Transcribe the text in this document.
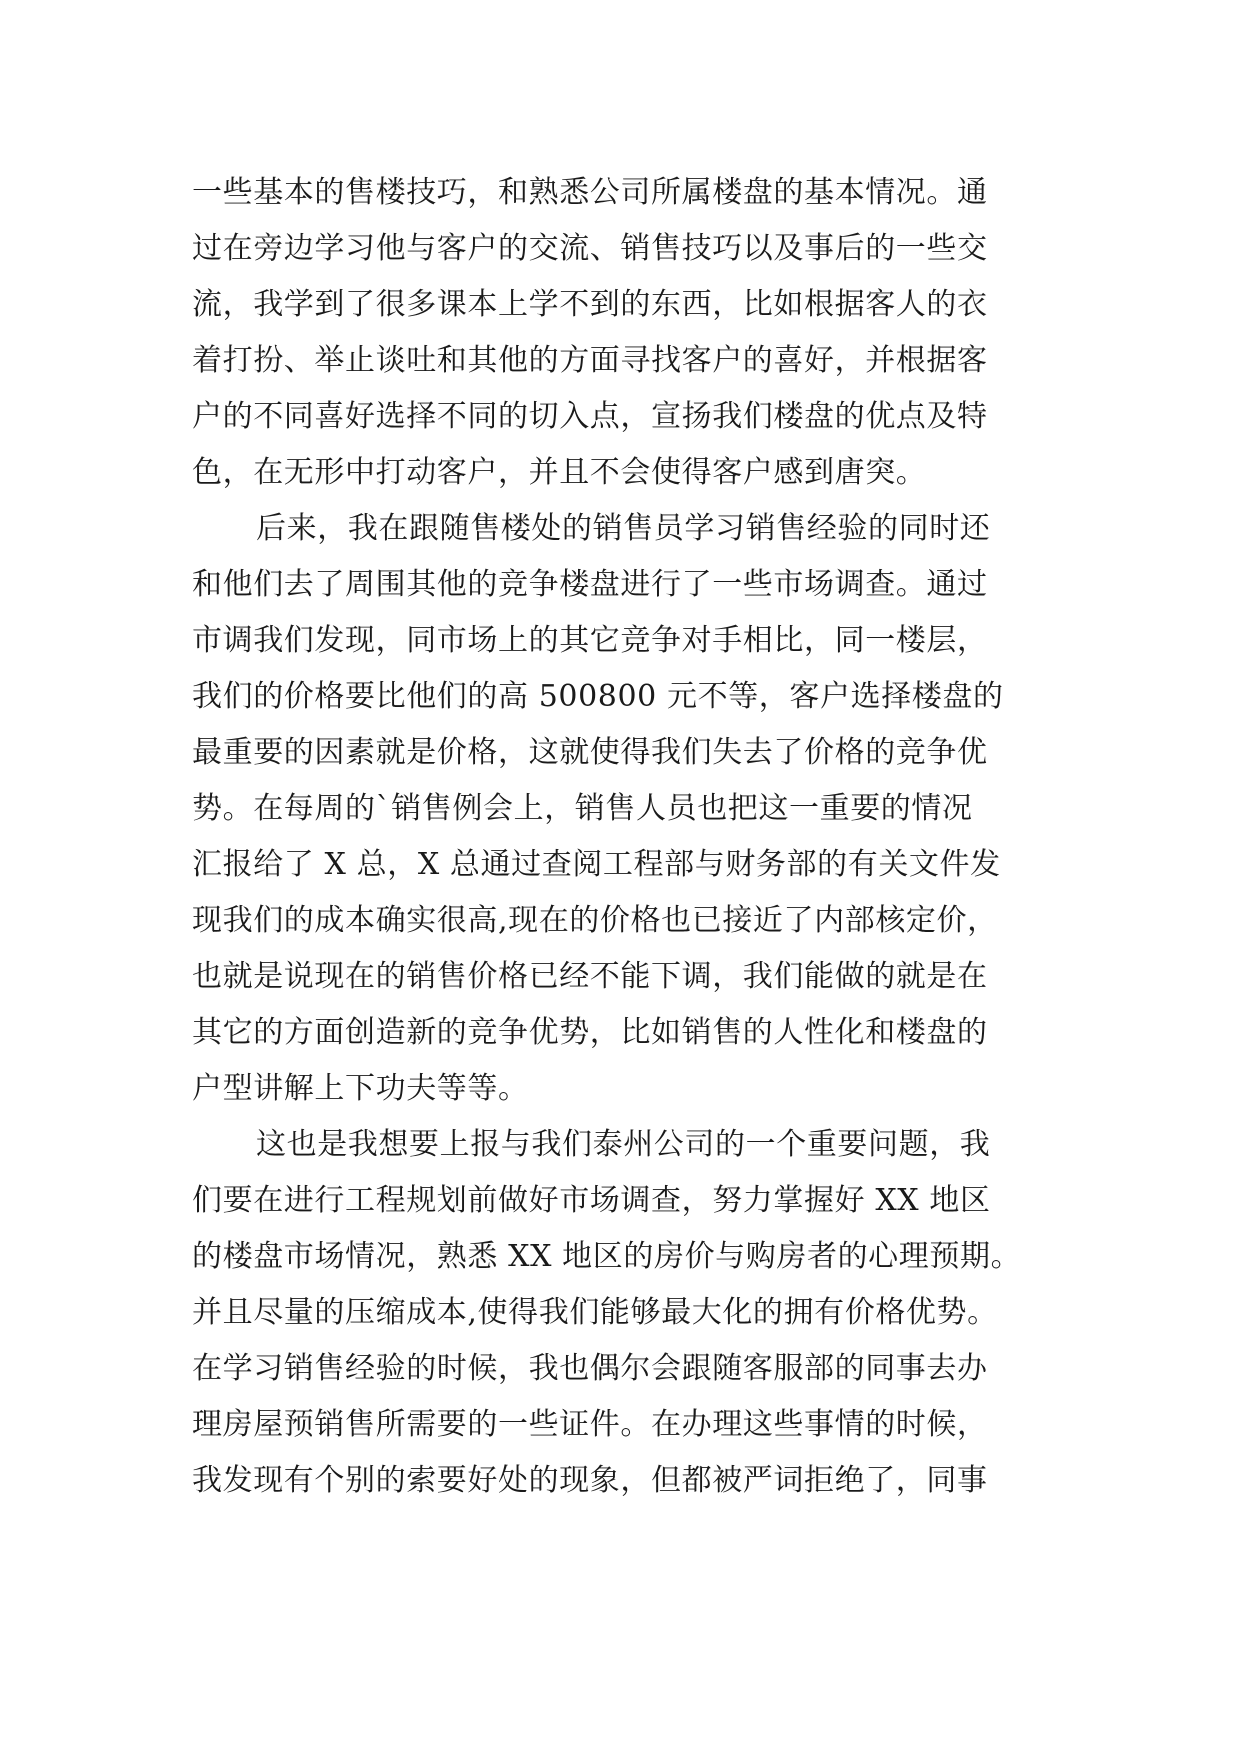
一些基本的售楼技巧，和熟悉公司所属楼盘的基本情况。通
过在旁边学习他与客户的交流、销售技巧以及事后的一些交
流，我学到了很多课本上学不到的东西，比如根据客人的衣
着打扮、举止谈吐和其他的方面寻找客户的喜好，并根据客
户的不同喜好选择不同的切入点，宣扬我们楼盘的优点及特
色，在无形中打动客户，并且不会使得客户感到唐突。
后来，我在跟随售楼处的销售员学习销售经验的同时还
和他们去了周围其他的竞争楼盘进行了一些市场调查。通过
市调我们发现，同市场上的其它竞争对手相比，同一楼层，
我们的价格要比他们的高 500800 元不等，客户选择楼盘的
最重要的因素就是价格，这就使得我们失去了价格的竞争优
势。在每周的`销售例会上，销售人员也把这一重要的情况
汇报给了 X 总，X 总通过查阅工程部与财务部的有关文件发
现我们的成本确实很高,现在的价格也已接近了内部核定价，
也就是说现在的销售价格已经不能下调，我们能做的就是在
其它的方面创造新的竞争优势，比如销售的人性化和楼盘的
户型讲解上下功夫等等。
这也是我想要上报与我们泰州公司的一个重要问题，我
们要在进行工程规划前做好市场调查，努力掌握好 XX 地区
的楼盘市场情况，熟悉 XX 地区的房价与购房者的心理预期。
并且尽量的压缩成本,使得我们能够最大化的拥有价格优势。
在学习销售经验的时候，我也偶尔会跟随客服部的同事去办
理房屋预销售所需要的一些证件。在办理这些事情的时候，
我发现有个别的索要好处的现象，但都被严词拒绝了，同事
